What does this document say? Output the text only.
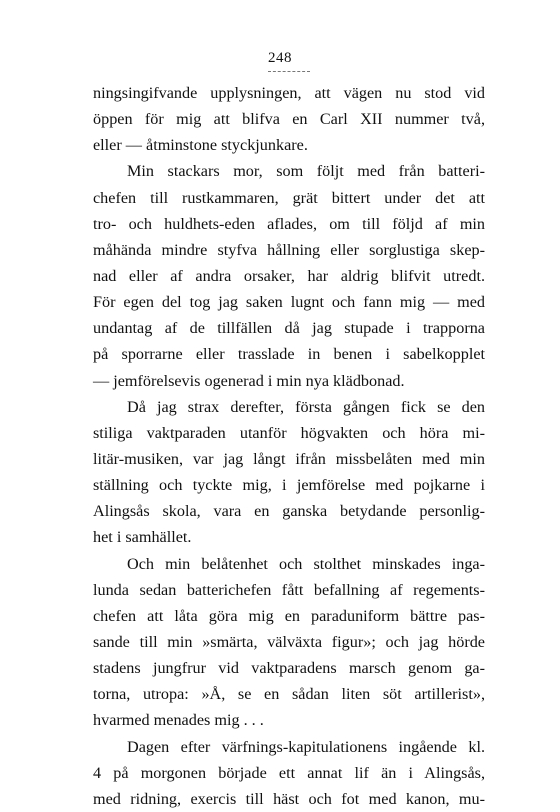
248
ningsingifvande upplysningen, att vägen nu stod vid
öppen för mig att blifva en Carl XII nummer två,
eller — åtminstone styckjunkare.
Min stackars mor, som följt med från batteri-
chefen till rustkammaren, grät bittert under det att
tro- och huldhets-eden aflades, om till följd af min
måhända mindre styfva hållning eller sorglustiga skep-
nad eller af andra orsaker, har aldrig blifvit utredt.
För egen del tog jag saken lugnt och fann mig — med
undantag af de tillfällen då jag stupade i trapporna
på sporrarne eller trasslade in benen i sabelkopplet
— jemförelsevis ogenerad i min nya klädbonad.
Då jag strax derefter, första gången fick se den
stiliga vaktparaden utanför högvakten och höra mi-
litär-musiken, var jag långt ifrån missbelåten med min
ställning och tyckte mig, i jemförelse med pojkarne i
Alingsås skola, vara en ganska betydande personlig-
het i samhället.
Och min belåtenhet och stolthet minskades inga-
lunda sedan batterichefen fått befallning af regements-
chefen att låta göra mig en paraduniform bättre pas-
sande till min »smärta, välväxta figur»; och jag hörde
stadens jungfrur vid vaktparadens marsch genom ga-
torna, utropa: »Å, se en sådan liten söt artillerist»,
hvarmed menades mig . . .
Dagen efter värfnings-kapitulationens ingående kl.
4 på morgonen började ett annat lif än i Alingsås,
med ridning, exercis till häst och fot med kanon, mu-
